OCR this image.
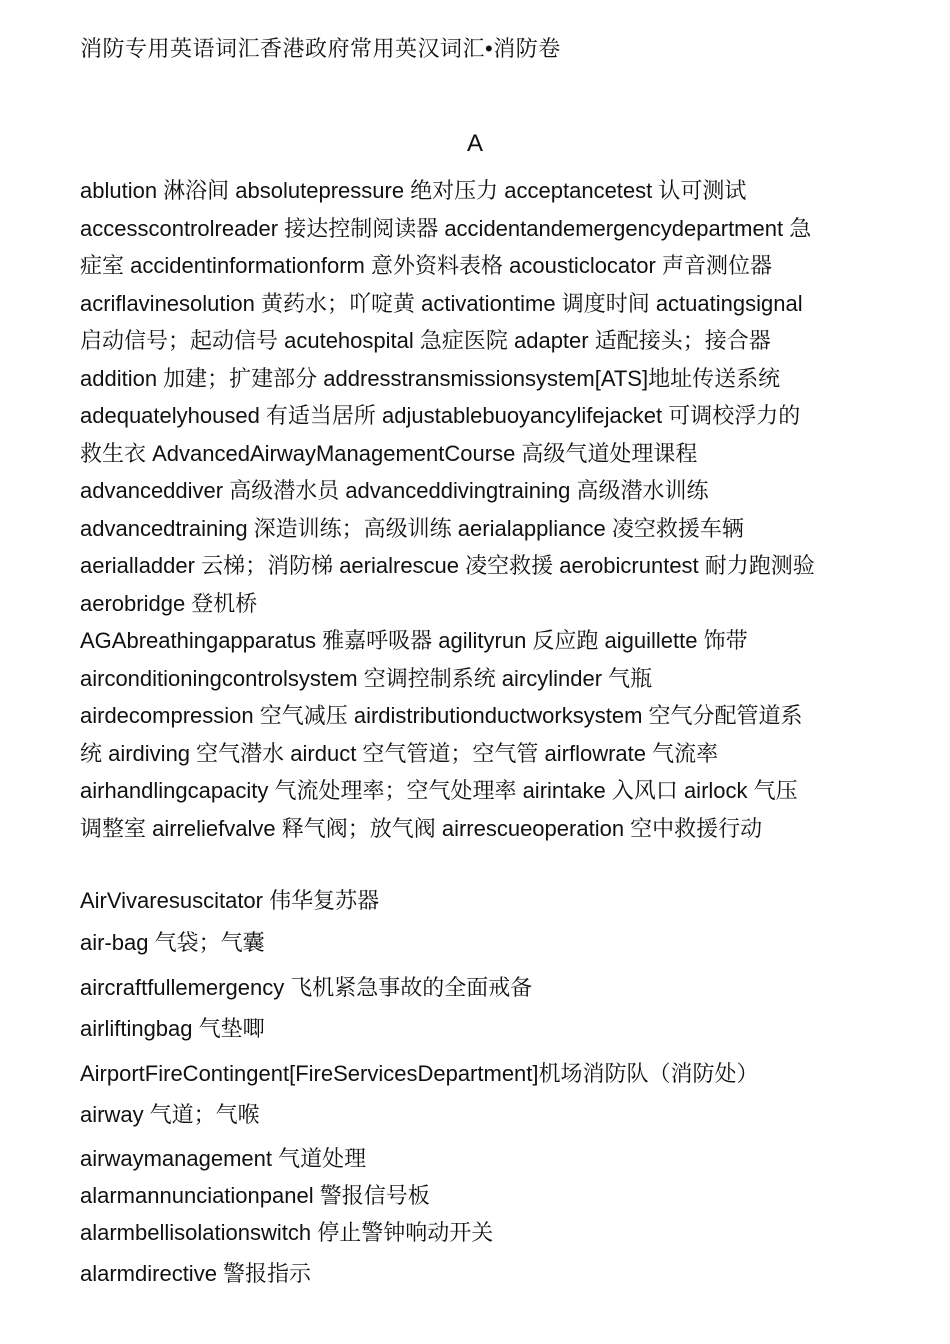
消防专用英语词汇香港政府常用英汉词汇•消防卷
A
ablution 淋浴间 absolutepressure 绝对压力 acceptancetest 认可测试
accesscontrolreader 接达控制阅读器 accidentandemergencydepartment 急
症室 accidentinformationform 意外资料表格 acousticlocator 声音测位器
acriflavinesolution 黄药水；吖啶黄 activationtime 调度时间 actuatingsignal
启动信号；起动信号 acutehospital 急症医院 adapter 适配接头；接合器
addition 加建；扩建部分 addresstransmissionsystem[ATS]地址传送系统
adequatelyhoused 有适当居所 adjustablebuoyancylifejacket 可调校浮力的
救生衣 AdvancedAirwayManagementCourse 高级气道处理课程
advanceddiver 高级潜水员 advanceddivingtraining 高级潜水训练
advancedtraining 深造训练；高级训练 aerialappliance 凌空救援车辆
aerialladder 云梯；消防梯 aerialrescue 凌空救援 aerobicruntest 耐力跑测验
aerobridge 登机桥
AGAbreathingapparatus 雅嘉呼吸器 agilityrun 反应跑 aiguillette 饰带
airconditioningcontrolsystem 空调控制系统 aircylinder 气瓶
airdecompression 空气减压 airdistributionductworksystem 空气分配管道系
统 airdiving 空气潜水 airduct 空气管道；空气管 airflowrate 气流率
airhandlingcapacity 气流处理率；空气处理率 airintake 入风口 airlock 气压
调整室 airreliefvalve 释气阀；放气阀 airrescueoperation 空中救援行动
AirVivaresuscitator 伟华复苏器
air-bag 气袋；气囊
aircraftfullemergency 飞机紧急事故的全面戒备
airliftingbag 气垫唧
AirportFireContingent[FireServicesDepartment]机场消防队（消防处）
airway 气道；气喉
airwaymanagement 气道处理
alarmannunciationpanel 警报信号板
alarmbellisolationswitch 停止警钟响动开关
alarmdirective 警报指示
